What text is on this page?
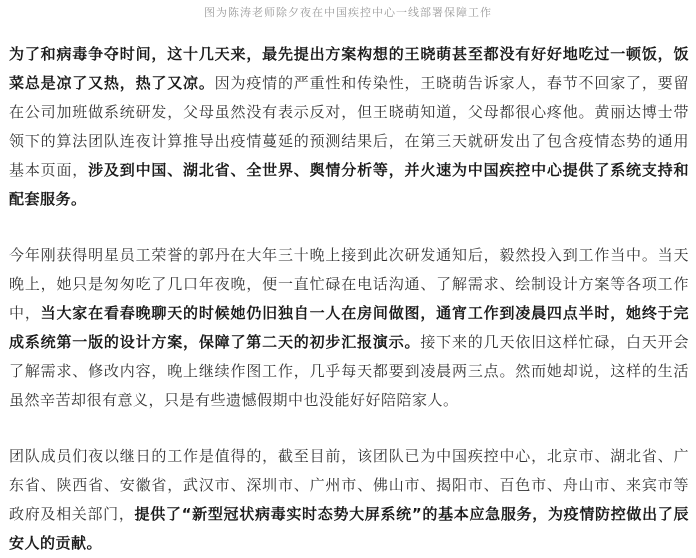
图为陈涛老师除夕夜在中国疾控中心一线部署保障工作
为了和病毒争夺时间，这十几天来，最先提出方案构想的王晓萌甚至都没有好好地吃过一顿饭，饭菜总是凉了又热，热了又凉。因为疫情的严重性和传染性，王晓萌告诉家人，春节不回家了，要留在公司加班做系统研发，父母虽然没有表示反对，但王晓萌知道，父母都很心疼他。黄丽达博士带领下的算法团队连夜计算推导出疫情蔓延的预测结果后，在第三天就研发出了包含疫情态势的通用基本页面，涉及到中国、湖北省、全世界、舆情分析等，并火速为中国疾控中心提供了系统支持和配套服务。
今年刚获得明星员工荣誉的郭丹在大年三十晚上接到此次研发通知后，毅然投入到工作当中。当天晚上，她只是匆匆吃了几口年夜晚，便一直忙碌在电话沟通、了解需求、绘制设计方案等各项工作中，当大家在看春晚聊天的时候她仍旧独自一人在房间做图，通宵工作到凌晨四点半时，她终于完成系统第一版的设计方案，保障了第二天的初步汇报演示。接下来的几天依旧这样忙碌，白天开会了解需求、修改内容，晚上继续作图工作，几乎每天都要到凌晨两三点。然而她却说，这样的生活虽然辛苦却很有意义，只是有些遗憾假期中也没能好好陪陪家人。
团队成员们夜以继日的工作是值得的，截至目前，该团队已为中国疾控中心，北京市、湖北省、广东省、陕西省、安徽省，武汉市、深圳市、广州市、佛山市、揭阳市、百色市、舟山市、来宾市等政府及相关部门，提供了“新型冠状病毒实时态势大屏系统”的基本应急服务，为疫情防控做出了辰安人的贡献。
